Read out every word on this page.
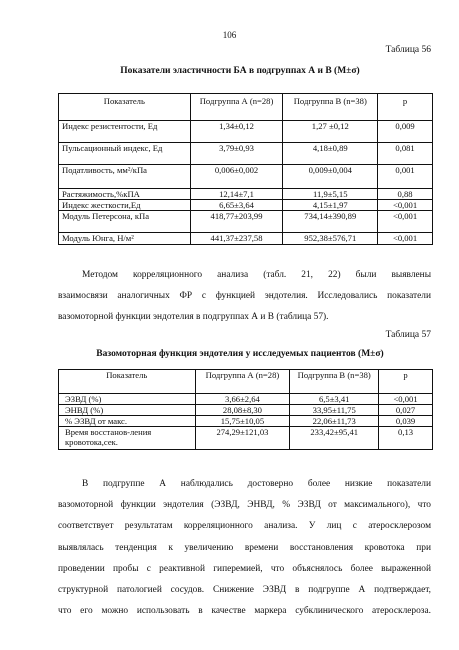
106
Таблица 56
Показатели эластичности БА в подгруппах А и В (М±σ)
Показатель	Подгруппа А (n=28)	Подгруппа В (n=38)	p
Индекс резистентости, Ед	1,34±0,12	1,27 ±0,12	0,009
Пульсационный индекс, Ед	3,79±0,93	4,18±0,89	0,081
Податливость, мм²/кПа	0,006±0,002	0,009±0,004	0,001
Растяжимость,%кПА	12,14±7,1	11,9±5,15	0,88
Индекс жесткости,Ед	6,65±3,64	4,15±1,97	<0,001
Модуль Петерсона, кПа	418,77±203,99	734,14±390,89	<0,001
Модуль Юнга, Н/м²	441,37±237,58	952,38±576,71	<0,001
Методом корреляционного анализа (табл. 21, 22) были выявлены
взаимосвязи аналогичных ФР с функцией эндотелия. Исследовались показатели
вазомоторной функции эндотелия в подгруппах А и В (таблица 57).
Таблица 57
Вазомоторная функция эндотелия у исследуемых пациентов (М±σ)
Показатель	Подгруппа А (n=28)	Подгруппа В (n=38)	p
ЭЗВД (%)	3,66±2,64	6,5±3,41	<0,001
ЭНВД (%)	28,08±8,30	33,95±11,75	0,027
% ЭЗВД от макс.	15,75±10,05	22,06±11,73	0,039
Время восстанов-ления кровотока,сек.	274,29±121,03	233,42±95,41	0,13
В подгруппе А наблюдались достоверно более низкие показатели
вазомоторной функции эндотелия (ЭЗВД, ЭНВД, % ЭЗВД от максимального), что
соответствует результатам корреляционного анализа. У лиц с атеросклерозом
выявлялась тенденция к увеличению времени восстановления кровотока при
проведении пробы с реактивной гиперемией, что объяснялось более выраженной
структурной патологией сосудов. Снижение ЭЗВД в подгруппе А подтверждает,
что его можно использовать в качестве маркера субклинического атеросклероза.
